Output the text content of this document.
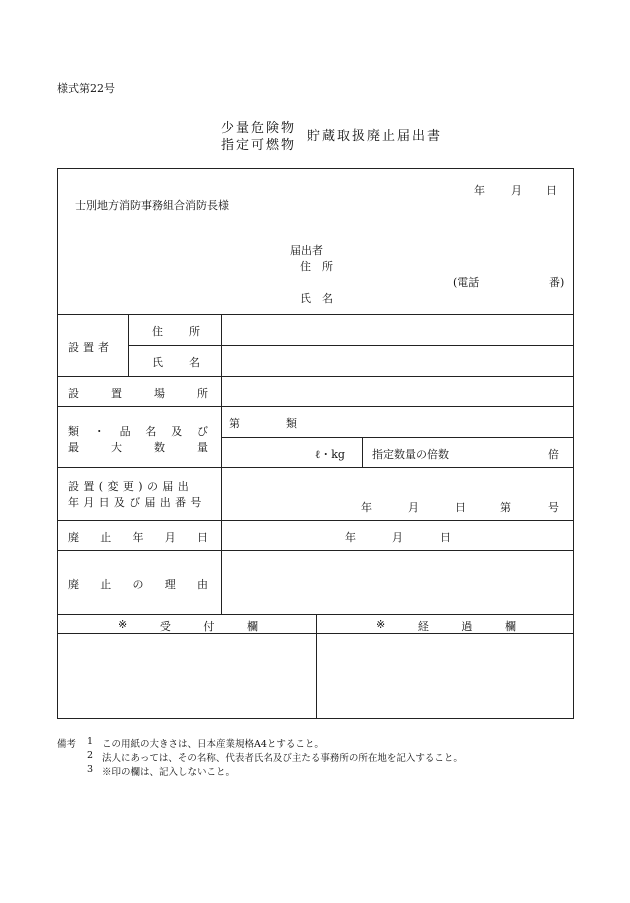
様式第22号
少量危険物
指定可燃物
貯蔵取扱廃止届出書
年 月 日
士別地方消防事務組合消防長様
届出者
住　所
(電話	番)
氏　名
設置者
住 所
氏 名
設	置	場	所
類 ・ 品 名 及 び
最	大	数	量
第	類
ℓ・kg 指定数量の倍数	倍
設置(変更)の届出
年月日及び届出番号	年	月	日	第	号
廃 止 年 月 日	年	月	日
廃 止 の 理 由
※	受	付	欄	※	経	過	欄
備考 1 この用紙の大きさは、日本産業規格A4とすること。
2 法人にあっては、その名称、代表者氏名及び主たる事務所の所在地を記入すること。
3 ※印の欄は、記入しないこと。
